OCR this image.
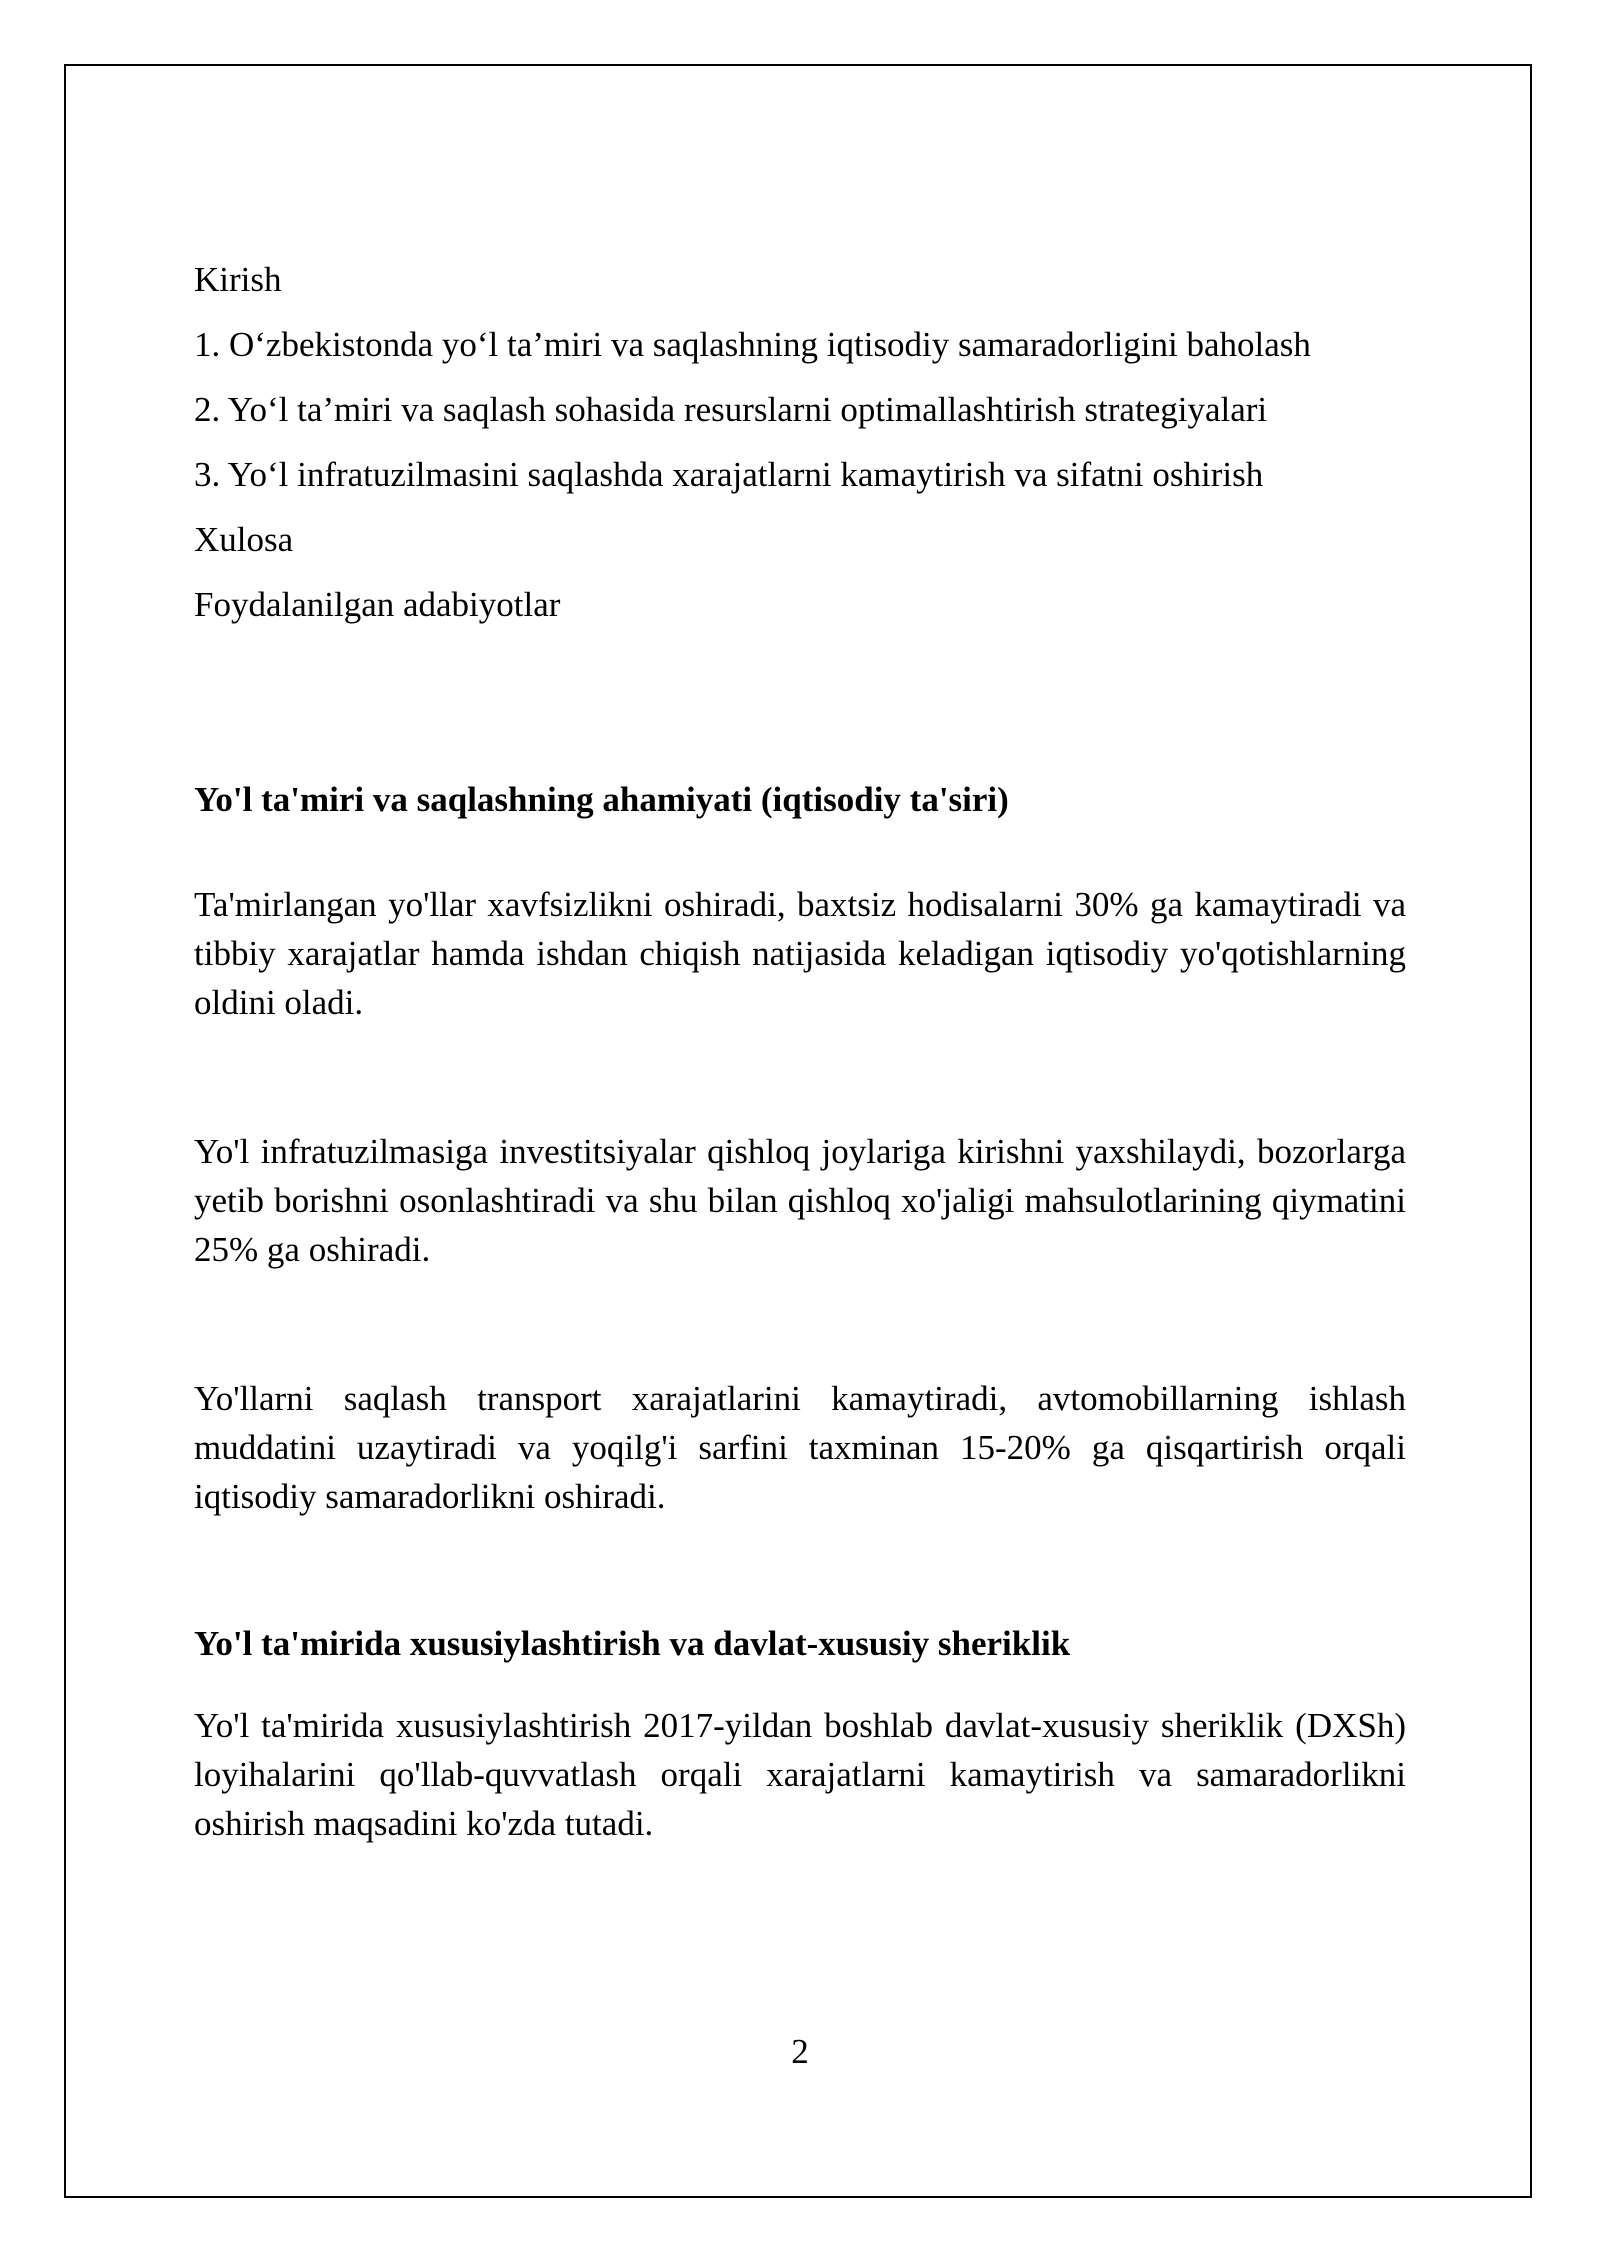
Kirish
1. O‘zbekistonda yo‘l ta’miri va saqlashning iqtisodiy samaradorligini baholash
2. Yo‘l ta’miri va saqlash sohasida resurslarni optimallashtirish strategiyalari
3. Yo‘l infratuzilmasini saqlashda xarajatlarni kamaytirish va sifatni oshirish
Xulosa
Foydalanilgan adabiyotlar
Yo'l ta'miri va saqlashning ahamiyati (iqtisodiy ta'siri)
Ta'mirlangan yo'llar xavfsizlikni oshiradi, baxtsiz hodisalarni 30% ga kamaytiradi va tibbiy xarajatlar hamda ishdan chiqish natijasida keladigan iqtisodiy yo'qotishlarning oldini oladi.
Yo'l infratuzilmasiga investitsiyalar qishloq joylariga kirishni yaxshilaydi, bozorlarga yetib borishni osonlashtiradi va shu bilan qishloq xo'jaligi mahsulotlarining qiymatini 25% ga oshiradi.
Yo'llarni saqlash transport xarajatlarini kamaytiradi, avtomobillarning ishlash muddatini uzaytiradi va yoqilg'i sarfini taxminan 15-20% ga qisqartirish orqali iqtisodiy samaradorlikni oshiradi.
Yo'l ta'mirida xususiylashtirish va davlat-xususiy sheriklik
Yo'l ta'mirida xususiylashtirish 2017-yildan boshlab davlat-xususiy sheriklik (DXSh) loyihalarini qo'llab-quvvatlash orqali xarajatlarni kamaytirish va samaradorlikni oshirish maqsadini ko'zda tutadi.
2
